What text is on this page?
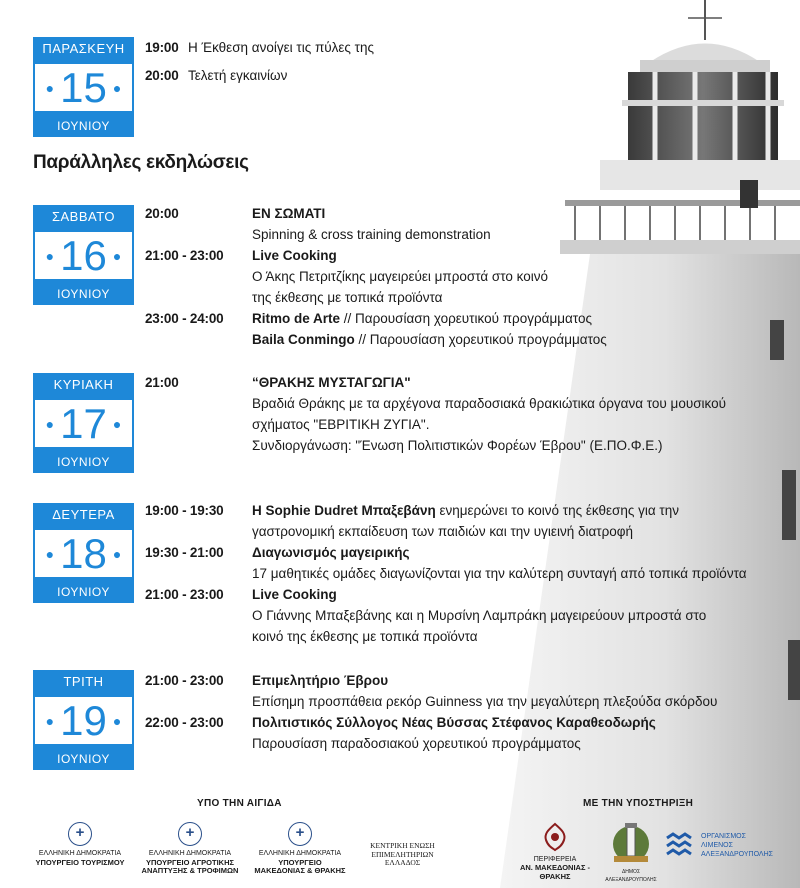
ΠΑΡΑΣΚΕΥΗ
● 15 ●
ΙΟΥΝΙΟΥ
19:00 Η Έκθεση ανοίγει τις πύλες της
20:00 Τελετή εγκαινίων
Παράλληλες εκδηλώσεις
ΣΑΒΒΑΤΟ
● 16 ●
ΙΟΥΝΙΟΥ
20:00	ΕΝ ΣΩΜΑΤΙ
Spinning & cross training demonstration
21:00 - 23:00 Live Cooking
Ο Άκης Πετριτζίκης μαγειρεύει μπροστά στο κοινό
της έκθεσης με τοπικά προϊόντα
23:00 - 24:00 Ritmo de Arte // Παρουσίαση χορευτικού προγράμματος
Baila Conmingo // Παρουσίαση χορευτικού προγράμματος
ΚΥΡΙΑΚΗ
● 17 ●
ΙΟΥΝΙΟΥ
21:00	“ΘΡΑΚΗΣ ΜΥΣΤΑΓΩΓΙΑ"
Βραδιά Θράκης με τα αρχέγονα παραδοσιακά θρακιώτικα όργανα του μουσικού
σχήματος "ΕΒΡΙΤΙΚΗ ΖΥΓΙΑ".
Συνδιοργάνωση: "Ένωση Πολιτιστικών Φορέων Έβρου" (Ε.ΠΟ.Φ.Ε.)
ΔΕΥΤΕΡΑ
● 18 ●
ΙΟΥΝΙΟΥ
19:00 - 19:30 Η Sophie Dudret Μπαξεβάνη ενημερώνει το κοινό της έκθεσης για την
γαστρονομική εκπαίδευση των παιδιών και την υγιεινή διατροφή
19:30 - 21:00 Διαγωνισμός μαγειρικής
17 μαθητικές ομάδες διαγωνίζονται για την καλύτερη συνταγή από τοπικά προϊόντα
21:00 - 23:00 Live Cooking
Ο Γιάννης Μπαξεβάνης και η Μυρσίνη Λαμπράκη μαγειρεύουν μπροστά στο
κοινό της έκθεσης με τοπικά προϊόντα
ΤΡΙΤΗ
● 19 ●
ΙΟΥΝΙΟΥ
21:00 - 23:00 Επιμελητήριο Έβρου
Επίσημη προσπάθεια ρεκόρ Guinness για την μεγαλύτερη πλεξούδα σκόρδου
22:00 - 23:00 Πολιτιστικός Σύλλογος Νέας Βύσσας Στέφανος Καραθεοδωρής
Παρουσίαση παραδοσιακού χορευτικού προγράμματος
ΥΠΟ ΤΗΝ ΑΙΓΙΔΑ	ΜΕ ΤΗΝ ΥΠΟΣΤΗΡΙΞΗ
+
ΕΛΛΗΝΙΚΗ ΔΗΜΟΚΡΑΤΙΑ
ΥΠΟΥΡΓΕΙΟ ΤΟΥΡΙΣΜΟΥ
+
ΕΛΛΗΝΙΚΗ ΔΗΜΟΚΡΑΤΙΑ
ΥΠΟΥΡΓΕΙΟ ΑΓΡΟΤΙΚΗΣ
ΑΝΑΠΤΥΞΗΣ & ΤΡΟΦΙΜΩΝ
+
ΕΛΛΗΝΙΚΗ ΔΗΜΟΚΡΑΤΙΑ
ΥΠΟΥΡΓΕΙΟ
ΜΑΚΕΔΟΝΙΑΣ & ΘΡΑΚΗΣ
ΚΕΝΤΡΙΚΗ ΕΝΩΣΗ
ΕΠΙΜΕΛΗΤΗΡΙΩΝ
ΕΛΛΑΔΟΣ	ΠΕΡΙΦΕΡΕΙΑ
ΑΝ. ΜΑΚΕΔΟΝΙΑΣ - ΘΡΑΚΗΣ	ΔΗΜΟΣ ΑΛΕΞΑΝΔΡΟΥΠΟΛΗΣ
ΟΡΓΑΝΙΣΜΟΣ
ΛΙΜΕΝΟΣ
ΑΛΕΞΑΝΔΡΟΥΠΟΛΗΣ
